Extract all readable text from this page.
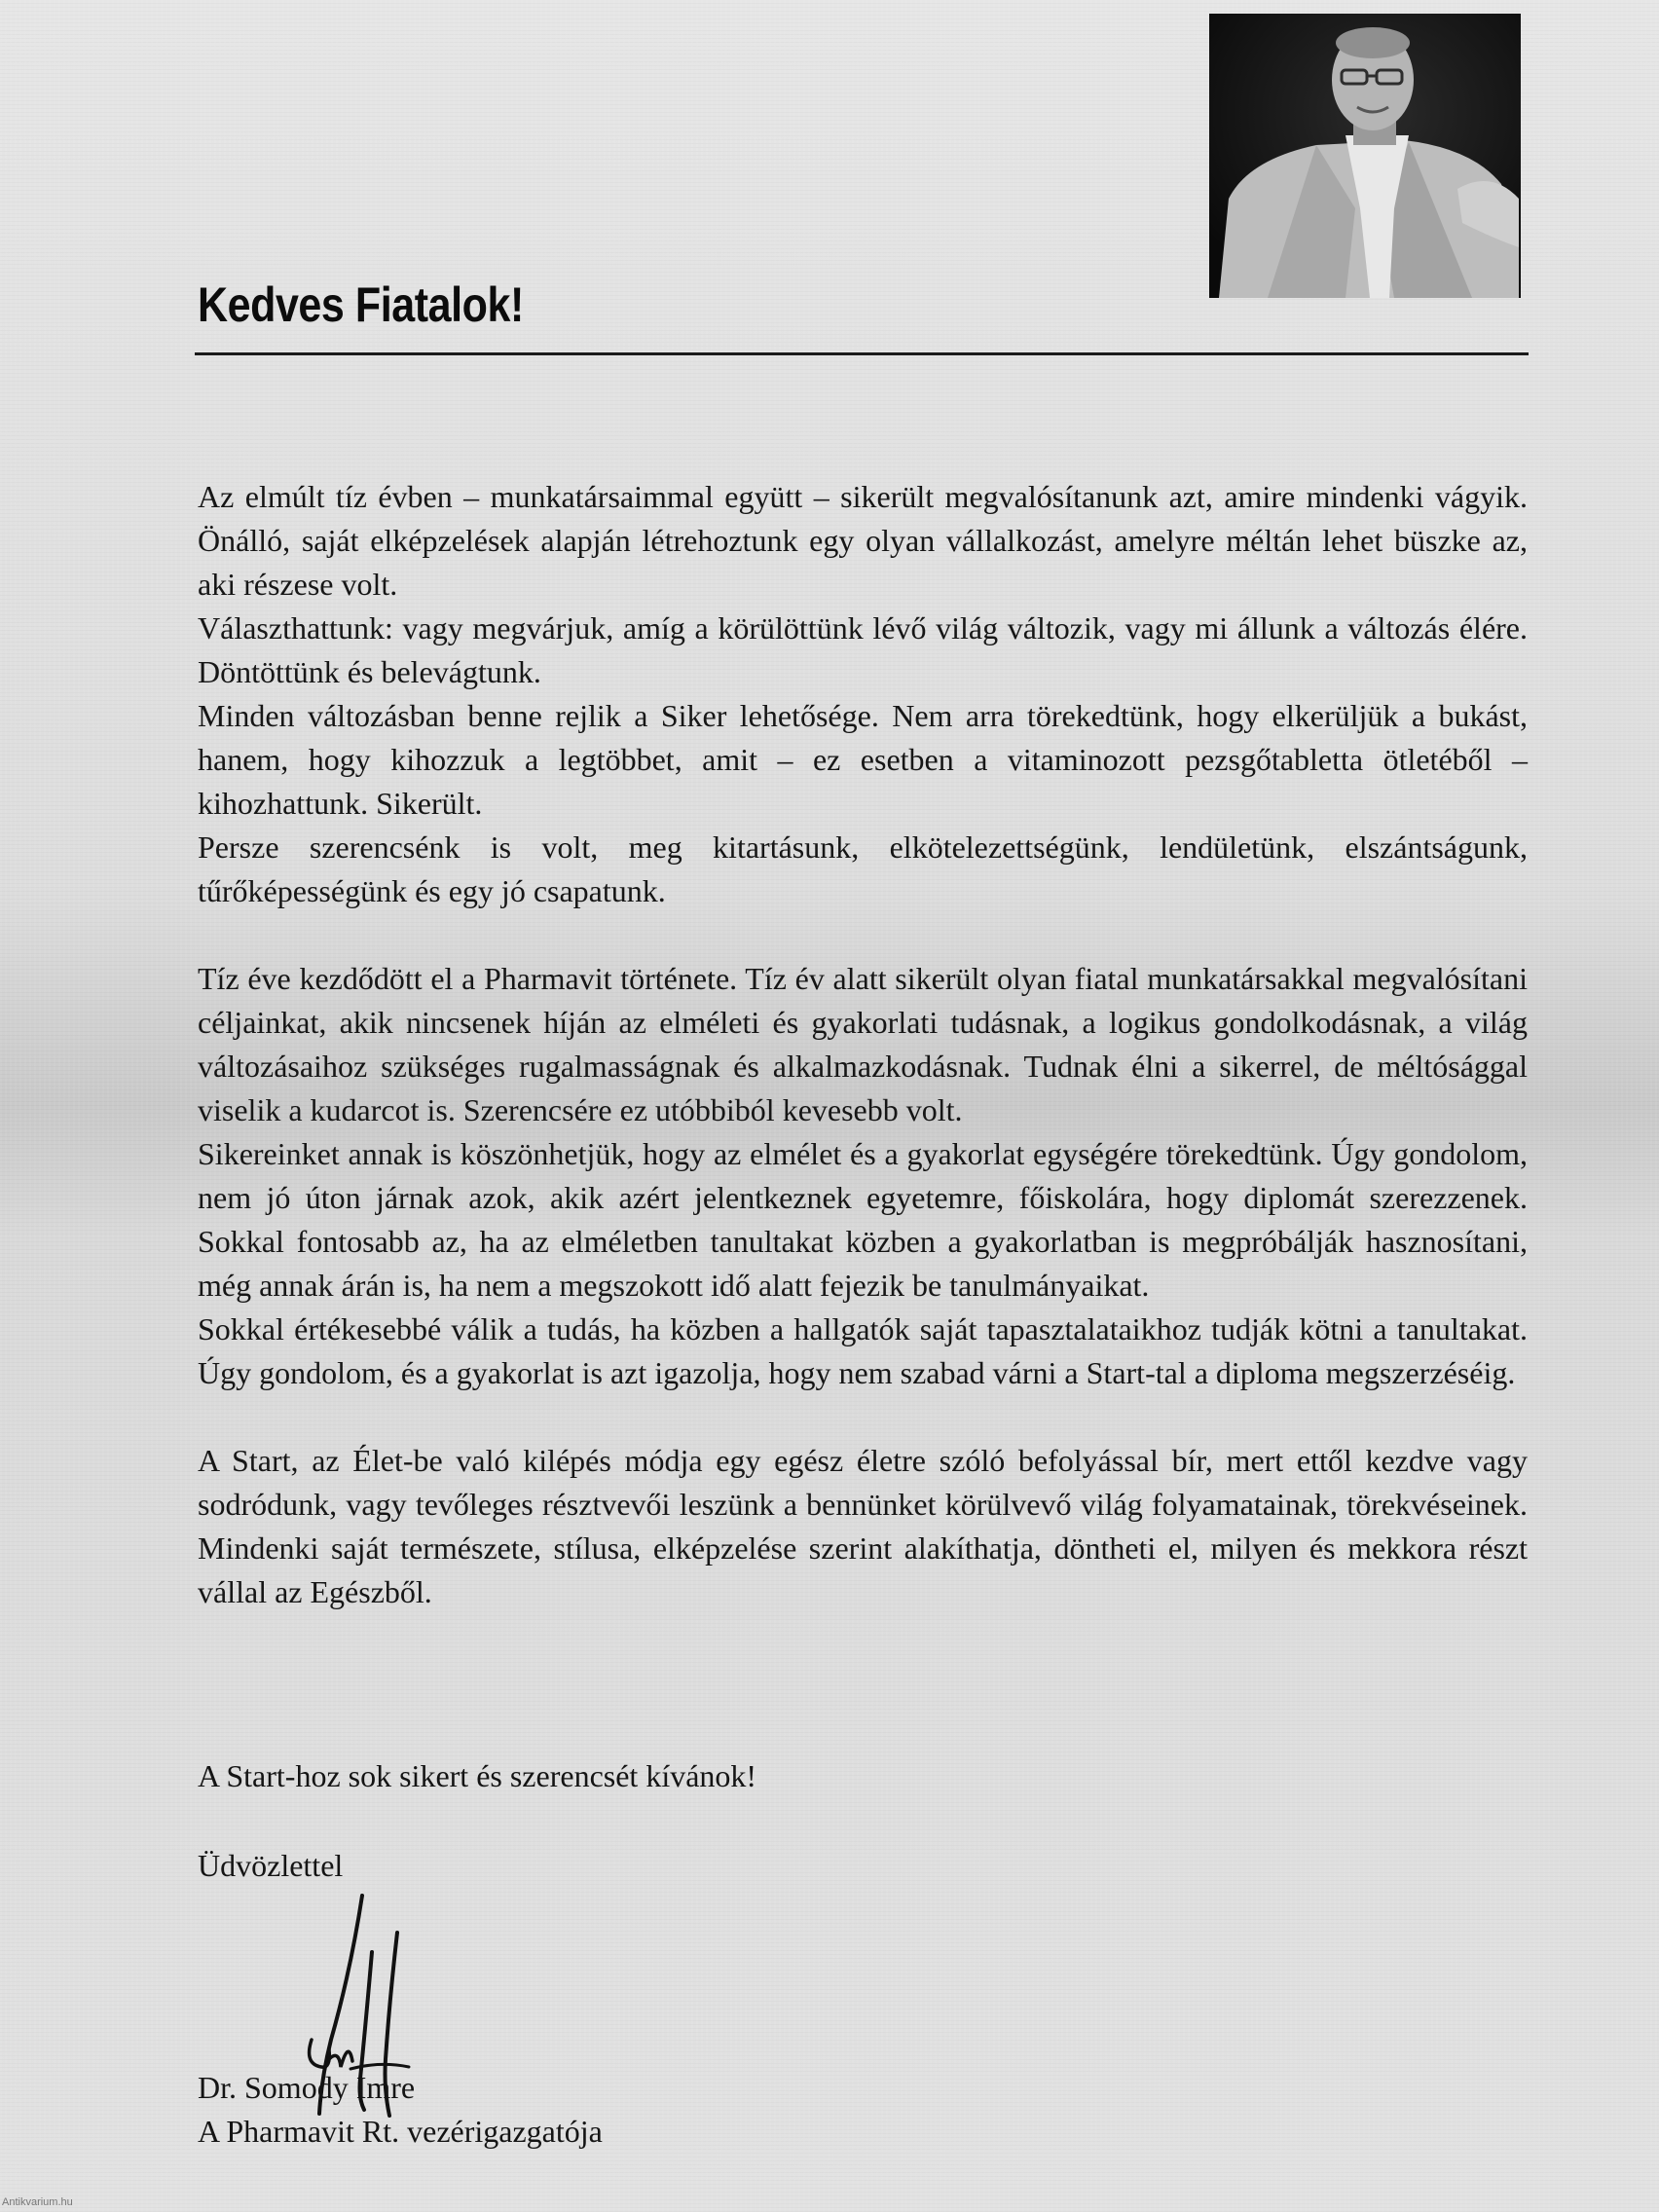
Kedves Fiatalok!

Az elmúlt tíz évben – munkatársaimmal együtt – sikerült megvalósítanunk azt, amire mindenki vágyik. Önálló, saját elképzelések alapján létrehoztunk egy olyan vállalkozást, amelyre méltán lehet büszke az, aki részese volt.

Választhattunk: vagy megvárjuk, amíg a körülöttünk lévő világ változik, vagy mi állunk a változás élére. Döntöttünk és belevágtunk.

Minden változásban benne rejlik a Siker lehetősége. Nem arra törekedtünk, hogy elkerüljük a bukást, hanem, hogy kihozzuk a legtöbbet, amit – ez esetben a vitaminozott pezsgőtabletta ötletéből – kihozhattunk. Sikerült.

Persze szerencsénk is volt, meg kitartásunk, elkötelezettségünk, lendületünk, elszántságunk, tűrőképességünk és egy jó csapatunk.

Tíz éve kezdődött el a Pharmavit története. Tíz év alatt sikerült olyan fiatal munkatársakkal megvalósítani céljainkat, akik nincsenek híján az elméleti és gyakorlati tudásnak, a logikus gondolkodásnak, a világ változásaihoz szükséges rugalmasságnak és alkalmazkodásnak. Tudnak élni a sikerrel, de méltósággal viselik a kudarcot is. Szerencsére ez utóbbiból kevesebb volt.

Sikereinket annak is köszönhetjük, hogy az elmélet és a gyakorlat egységére törekedtünk. Úgy gondolom, nem jó úton járnak azok, akik azért jelentkeznek egyetemre, főiskolára, hogy diplomát szerezzenek. Sokkal fontosabb az, ha az elméletben tanultakat közben a gyakorlatban is megpróbálják hasznosítani, még annak árán is, ha nem a megszokott idő alatt fejezik be tanulmányaikat.

Sokkal értékesebbé válik a tudás, ha közben a hallgatók saját tapasztalataikhoz tudják kötni a tanultakat. Úgy gondolom, és a gyakorlat is azt igazolja, hogy nem szabad várni a Start-tal a diploma megszerzéséig.

A Start, az Élet-be való kilépés módja egy egész életre szóló befolyással bír, mert ettől kezdve vagy sodródunk, vagy tevőleges résztvevői leszünk a bennünket körülvevő világ folyamatainak, törekvéseinek. Mindenki saját természete, stílusa, elképzelése szerint alakíthatja, döntheti el, milyen és mekkora részt vállal az Egészből.

A Start-hoz sok sikert és szerencsét kívánok!

Üdvözlettel

Dr. Somody Imre

A Pharmavit Rt. vezérigazgatója

Antikvarium.hu
